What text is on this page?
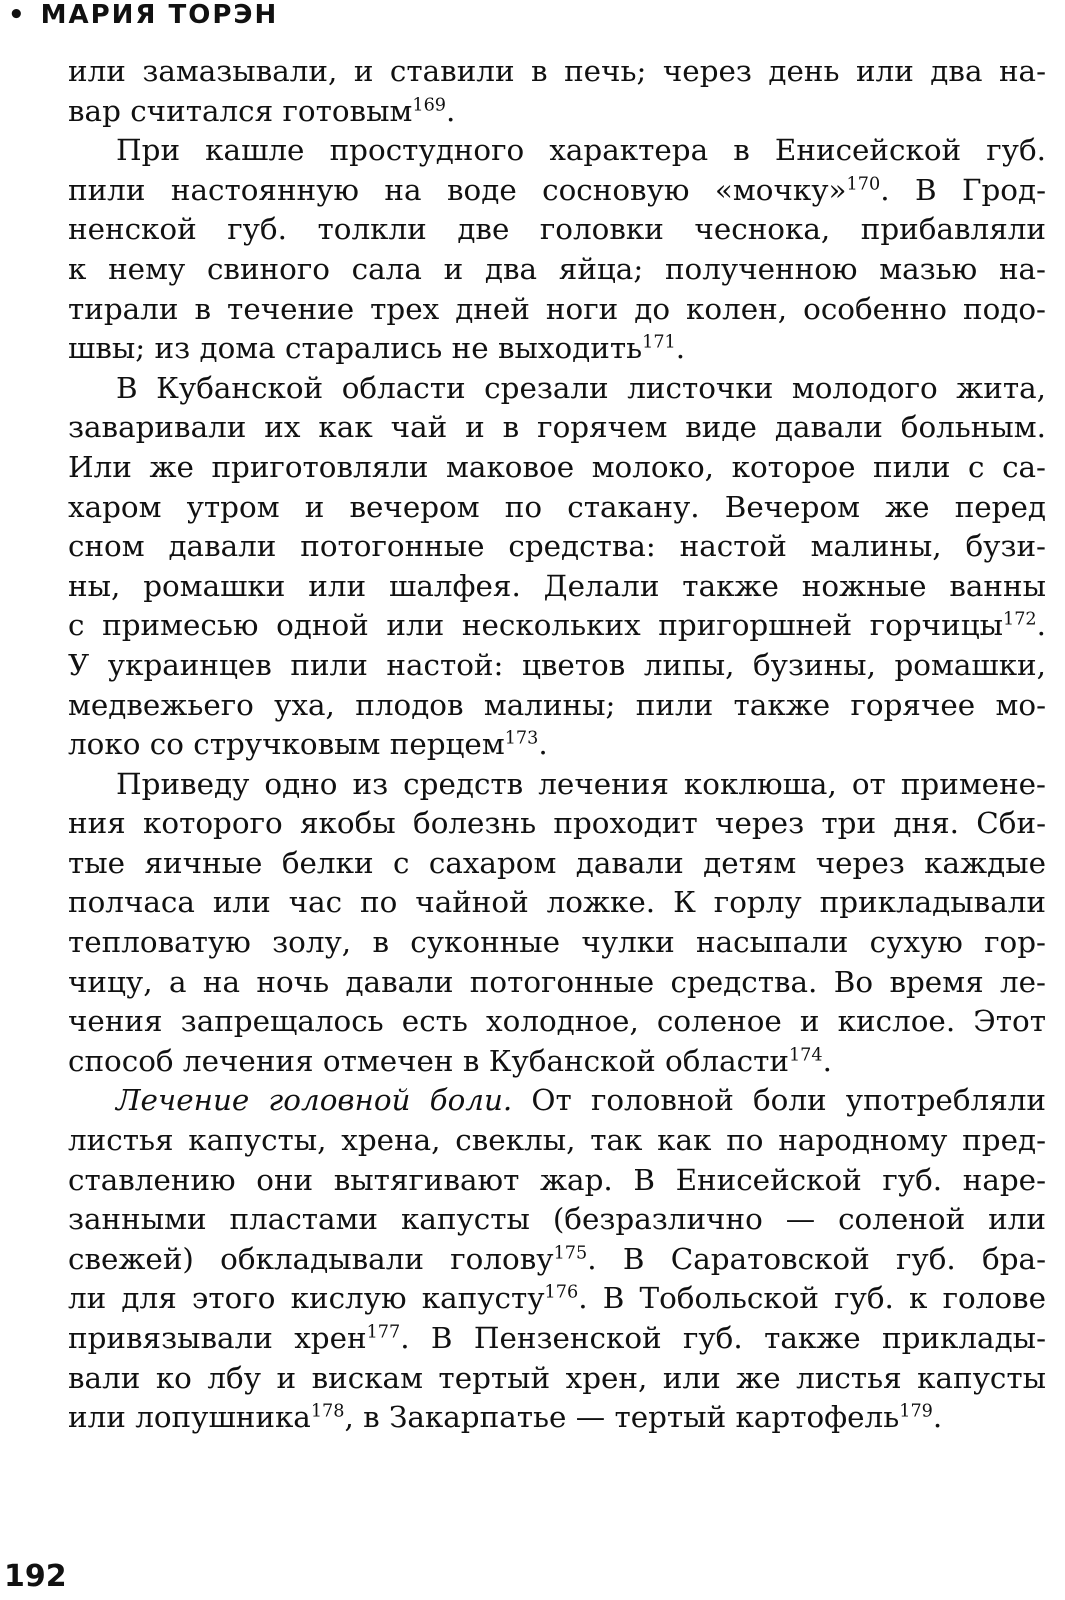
• МАРИЯ ТОРЭН
или замазывали, и ставили в печь; через день или два на-
вар считался готовым$^{169}$.
При кашле простудного характера в Енисейской губ.
пили настоянную на воде сосновую «мочку»$^{170}$. В Грод-
ненской губ. толкли две головки чеснока, прибавляли
к нему свиного сала и два яйца; полученною мазью на-
тирали в течение трех дней ноги до колен, особенно подо-
швы; из дома старались не выходить$^{171}$.
В Кубанской области срезали листочки молодого жита,
заваривали их как чай и в горячем виде давали больным.
Или же приготовляли маковое молоко, которое пили с са-
харом утром и вечером по стакану. Вечером же перед
сном давали потогонные средства: настой малины, бузи-
ны, ромашки или шалфея. Делали также ножные ванны
с примесью одной или нескольких пригоршней горчицы$^{172}$.
У украинцев пили настой: цветов липы, бузины, ромашки,
медвежьего уха, плодов малины; пили также горячее мо-
локо со стручковым перцем$^{173}$.
Приведу одно из средств лечения коклюша, от примене-
ния которого якобы болезнь проходит через три дня. Сби-
тые яичные белки с сахаром давали детям через каждые
полчаса или час по чайной ложке. К горлу прикладывали
тепловатую золу, в суконные чулки насыпали сухую гор-
чицу, а на ночь давали потогонные средства. Во время ле-
чения запрещалось есть холодное, соленое и кислое. Этот
способ лечения отмечен в Кубанской области$^{174}$.
Лечение головной боли. От головной боли употребляли
листья капусты, хрена, свеклы, так как по народному пред-
ставлению они вытягивают жар. В Енисейской губ. наре-
занными пластами капусты (безразлично — соленой или
свежей) обкладывали голову$^{175}$. В Саратовской губ. бра-
ли для этого кислую капусту$^{176}$. В Тобольской губ. к голове
привязывали хрен$^{177}$. В Пензенской губ. также приклады-
вали ко лбу и вискам тертый хрен, или же листья капусты
или лопушника$^{178}$, в Закарпатье — тертый картофель$^{179}$.
192
